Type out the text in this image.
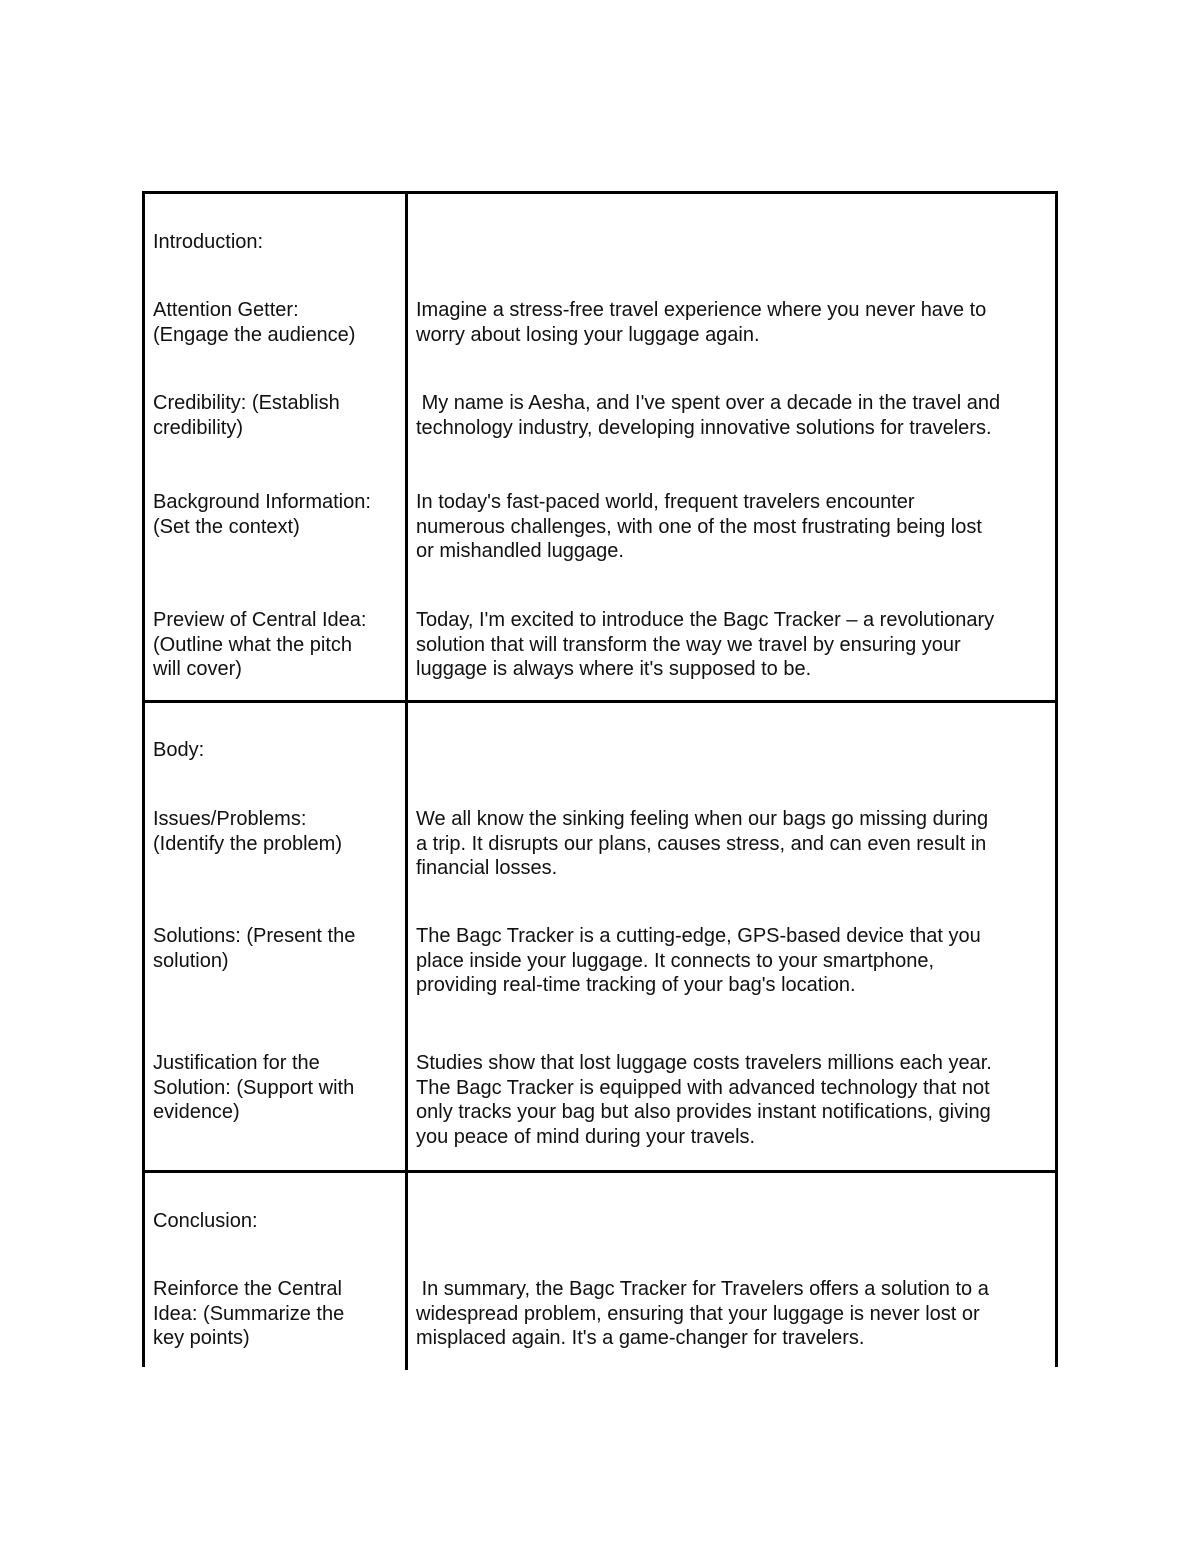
Introduction:

Attention Getter:
(Engage the audience)

Imagine a stress-free travel experience where you never have to
worry about losing your luggage again.

Credibility: (Establish
credibility)

My name is Aesha, and I've spent over a decade in the travel and
technology industry, developing innovative solutions for travelers.

Background Information:
(Set the context)

In today's fast-paced world, frequent travelers encounter
numerous challenges, with one of the most frustrating being lost
or mishandled luggage.

Preview of Central Idea:
(Outline what the pitch
will cover)

Today, I'm excited to introduce the Bagc Tracker – a revolutionary
solution that will transform the way we travel by ensuring your
luggage is always where it's supposed to be.

Body:

Issues/Problems:
(Identify the problem)

We all know the sinking feeling when our bags go missing during
a trip. It disrupts our plans, causes stress, and can even result in
financial losses.

Solutions: (Present the
solution)

The Bagc Tracker is a cutting-edge, GPS-based device that you
place inside your luggage. It connects to your smartphone,
providing real-time tracking of your bag's location.

Justification for the
Solution: (Support with
evidence)

Studies show that lost luggage costs travelers millions each year.
The Bagc Tracker is equipped with advanced technology that not
only tracks your bag but also provides instant notifications, giving
you peace of mind during your travels.

Conclusion:

Reinforce the Central
Idea: (Summarize the
key points)

In summary, the Bagc Tracker for Travelers offers a solution to a
widespread problem, ensuring that your luggage is never lost or
misplaced again. It's a game-changer for travelers.
